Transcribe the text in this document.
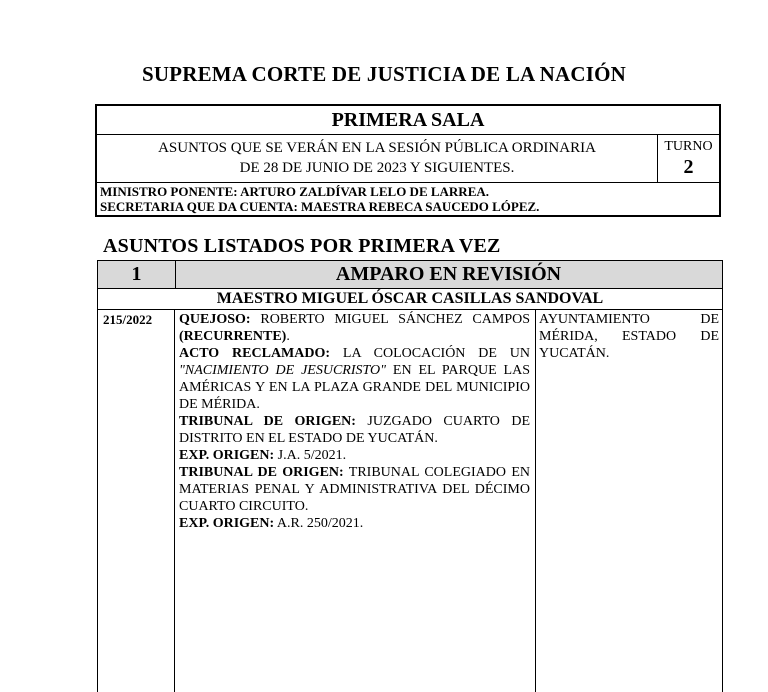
SUPREMA CORTE DE JUSTICIA DE LA NACIÓN
PRIMERA SALA
ASUNTOS QUE SE VERÁN EN LA SESIÓN PÚBLICA ORDINARIA
DE 28 DE JUNIO DE 2023 Y SIGUIENTES.
TURNO
2
MINISTRO PONENTE: ARTURO ZALDÍVAR LELO DE LARREA.
SECRETARIA QUE DA CUENTA: MAESTRA REBECA SAUCEDO LÓPEZ.
ASUNTOS LISTADOS POR PRIMERA VEZ
1	AMPARO EN REVISIÓN
MAESTRO MIGUEL ÓSCAR CASILLAS SANDOVAL
215/2022 QUEJOSO: ROBERTO MIGUEL SÁNCHEZ CAMPOS (RECURRENTE).

ACTO RECLAMADO: LA COLOCACIÓN DE UN "NACIMIENTO DE JESUCRISTO" EN EL PARQUE LAS AMÉRICAS Y EN LA PLAZA GRANDE DEL MUNICIPIO DE MÉRIDA.

TRIBUNAL DE ORIGEN: JUZGADO CUARTO DE DISTRITO EN EL ESTADO DE YUCATÁN.

EXP. ORIGEN: J.A. 5/2021.

TRIBUNAL DE ORIGEN: TRIBUNAL COLEGIADO EN MATERIAS PENAL Y ADMINISTRATIVA DEL DÉCIMO CUARTO CIRCUITO.

EXP. ORIGEN: A.R. 250/2021.

AYUNTAMIENTO DE MÉRIDA, ESTADO DE YUCATÁN.
